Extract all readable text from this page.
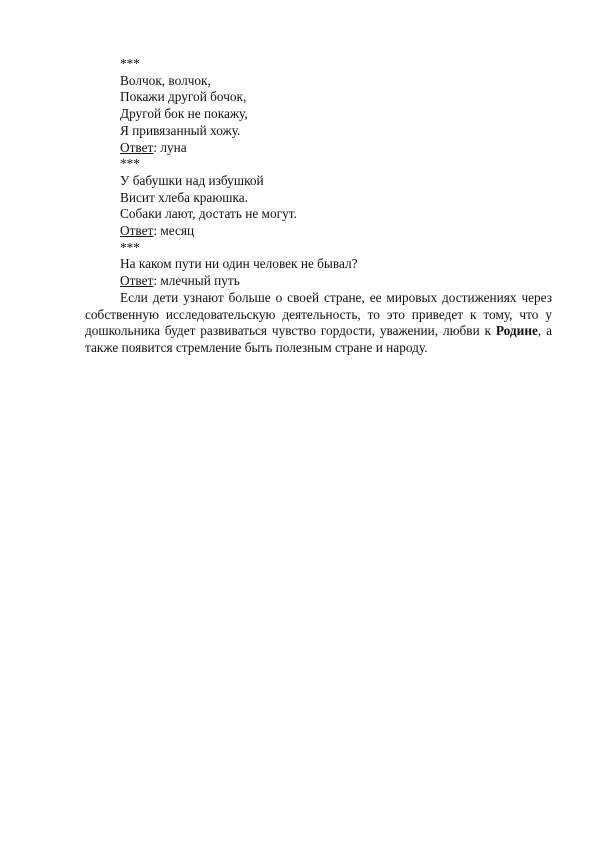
***
Волчок, волчок,
Покажи другой бочок,
Другой бок не покажу,
Я привязанный хожу.
Ответ: луна
***
У бабушки над избушкой
Висит хлеба краюшка.
Собаки лают, достать не могут.
Ответ: месяц
***
На каком пути ни один человек не бывал?
Ответ: млечный путь

Если дети узнают больше о своей стране, ее мировых достижениях через собственную исследовательскую деятельность, то это приведет к тому, что у дошкольника будет развиваться чувство гордости, уважении, любви к Родине, а также появится стремление быть полезным стране и народу.
